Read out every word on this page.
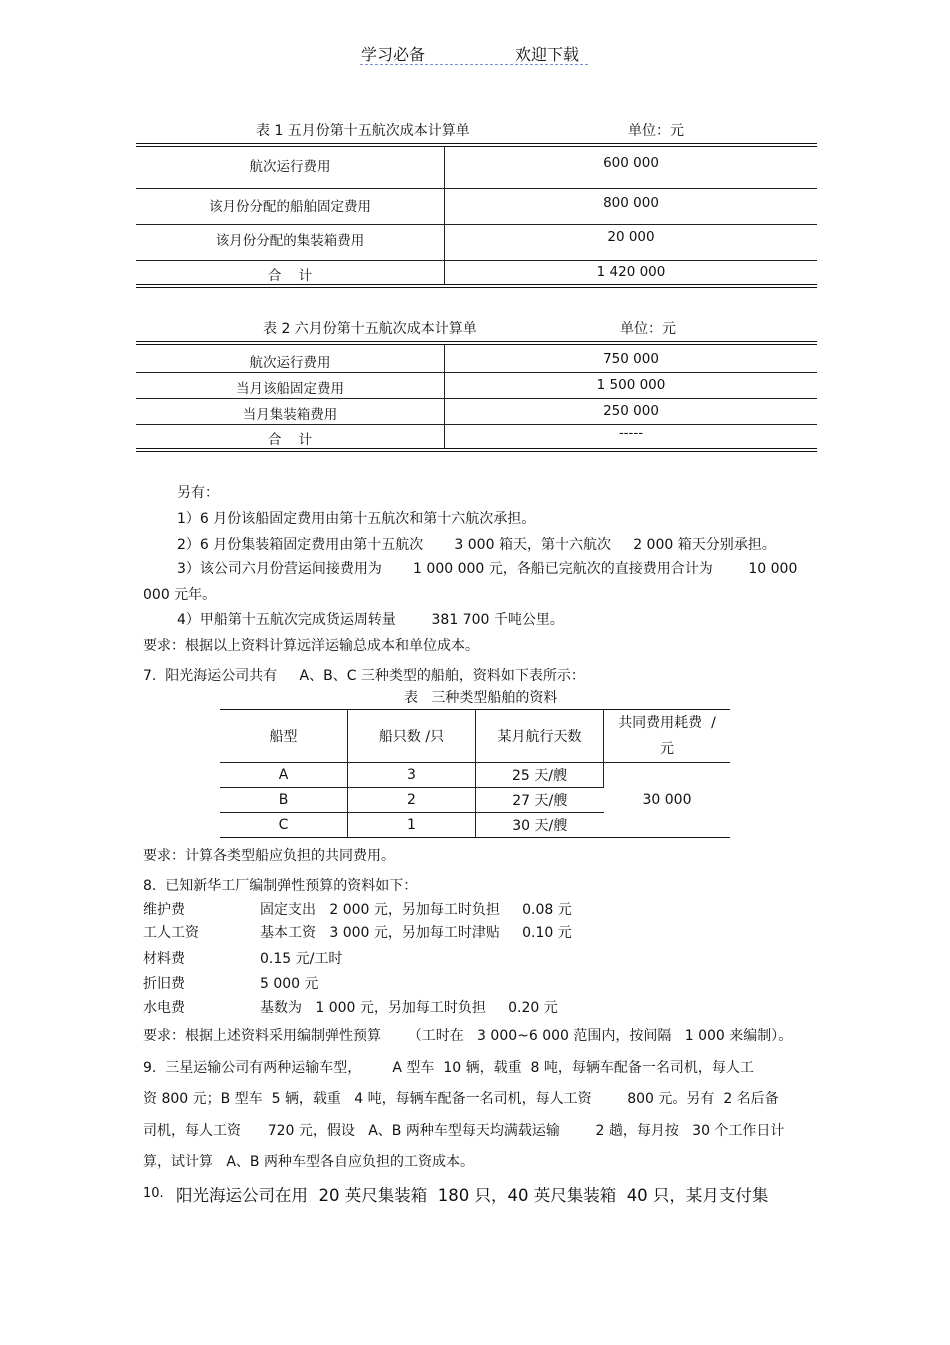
学习必备	欢迎下载
表 1 五月份第十五航次成本计算单	单位：元
航次运行费用	600 000
该月份分配的船舶固定费用	800 000
该月份分配的集装箱费用	20 000
合    计	1 420 000
表 2 六月份第十五航次成本计算单	单位：元
航次运行费用	750 000
当月该船固定费用	1 500 000
当月集装箱费用	250 000
合    计	-----
另有：
1）6 月份该船固定费用由第十五航次和第十六航次承担。
2）6 月份集装箱固定费用由第十五航次       3 000 箱天，第十六航次     2 000 箱天分别承担。
3）该公司六月份营运间接费用为       1 000 000 元，各船已完航次的直接费用合计为        10 000
000 元年。
4）甲船第十五航次完成货运周转量        381 700 千吨公里。
要求：根据以上资料计算远洋运输总成本和单位成本。
7.  阳光海运公司共有     A、B、C 三种类型的船舶，资料如下表所示：
表   三种类型船舶的资料
船型	船只数 /只	某月航行天数	共同费用耗费  /
元

A	3	25 天/艘	30 000
B	2	27 天/艘	
C	1	30 天/艘	
要求：计算各类型船应负担的共同费用。
8.  已知新华工厂编制弹性预算的资料如下：
维护费	固定支出   2 000 元，另加每工时负担     0.08 元
工人工资	基本工资   3 000 元，另加每工时津贴     0.10 元
材料费	0.15 元/工时
折旧费	5 000 元
水电费	基数为   1 000 元，另加每工时负担     0.20 元
要求：根据上述资料采用编制弹性预算      （工时在   3 000~6 000 范围内，按间隔   1 000 来编制）。
9.  三星运输公司有两种运输车型，       A 型车  10 辆，载重  8 吨，每辆车配备一名司机，每人工
资 800 元；B 型车  5 辆，载重   4 吨，每辆车配备一名司机，每人工资        800 元。另有  2 名后备
司机，每人工资      720 元，假设   A、B 两种车型每天均满载运输        2 趟，每月按   30 个工作日计
算，试计算   A、B 两种车型各自应负担的工资成本。
10. 阳光海运公司在用  20 英尺集装箱  180 只，40 英尺集装箱  40 只，某月支付集
